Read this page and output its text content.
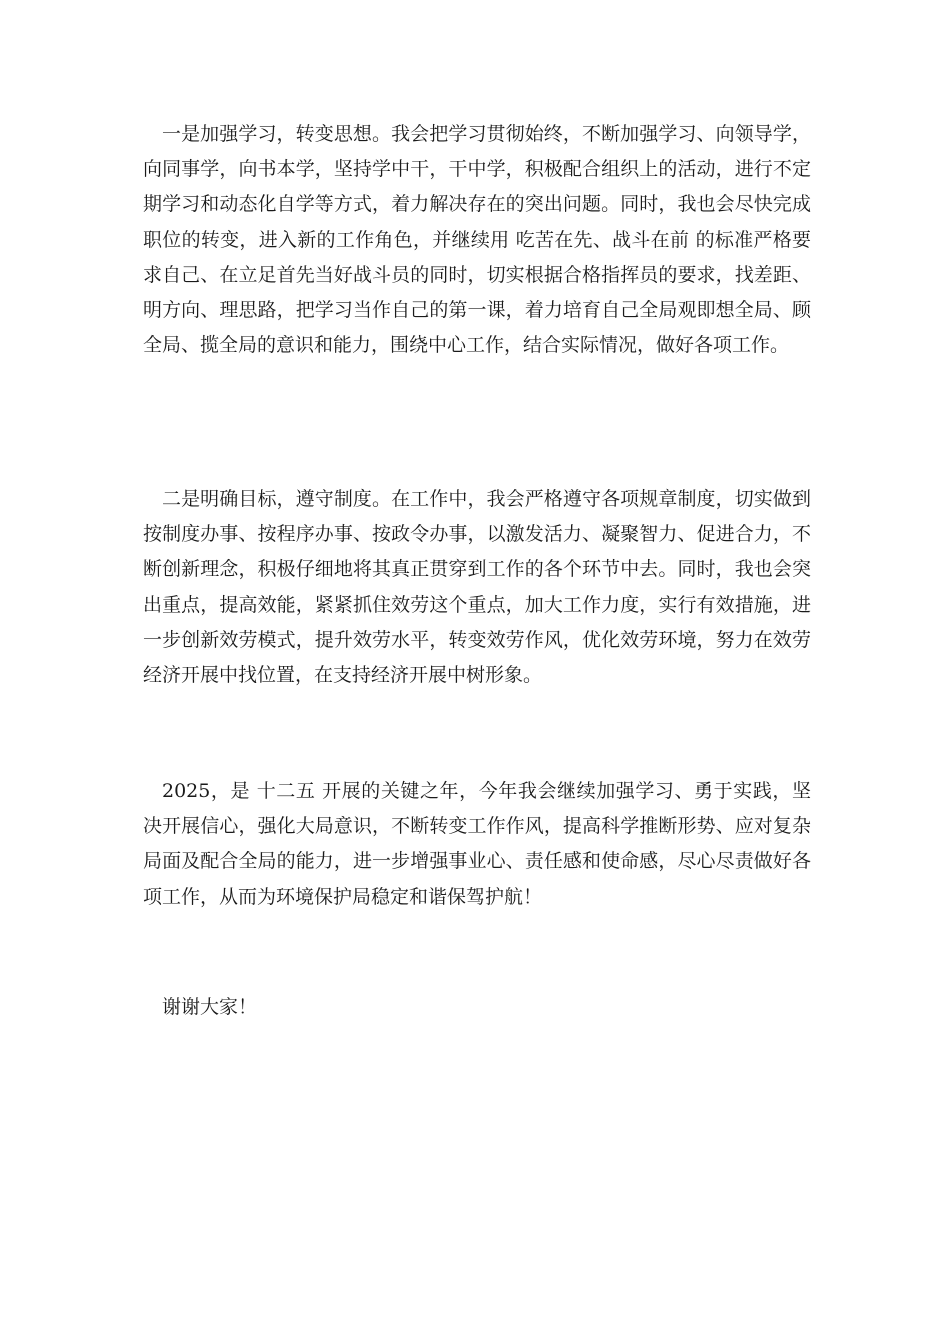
一是加强学习，转变思想。我会把学习贯彻始终，不断加强学习、向领导学，向同事学，向书本学，坚持学中干，干中学，积极配合组织上的活动，进行不定期学习和动态化自学等方式，着力解决存在的突出问题。同时，我也会尽快完成职位的转变，进入新的工作角色，并继续用 吃苦在先、战斗在前 的标准严格要求自己、在立足首先当好战斗员的同时，切实根据合格指挥员的要求，找差距、明方向、理思路，把学习当作自己的第一课，着力培育自己全局观即想全局、顾全局、揽全局的意识和能力，围绕中心工作，结合实际情况，做好各项工作。

二是明确目标，遵守制度。在工作中，我会严格遵守各项规章制度，切实做到按制度办事、按程序办事、按政令办事，以激发活力、凝聚智力、促进合力，不断创新理念，积极仔细地将其真正贯穿到工作的各个环节中去。同时，我也会突出重点，提高效能，紧紧抓住效劳这个重点，加大工作力度，实行有效措施，进一步创新效劳模式，提升效劳水平，转变效劳作风，优化效劳环境，努力在效劳经济开展中找位置，在支持经济开展中树形象。

2025，是 十二五 开展的关键之年，今年我会继续加强学习、勇于实践，坚决开展信心，强化大局意识，不断转变工作作风，提高科学推断形势、应对复杂局面及配合全局的能力，进一步增强事业心、责任感和使命感，尽心尽责做好各项工作，从而为环境保护局稳定和谐保驾护航！

谢谢大家！
